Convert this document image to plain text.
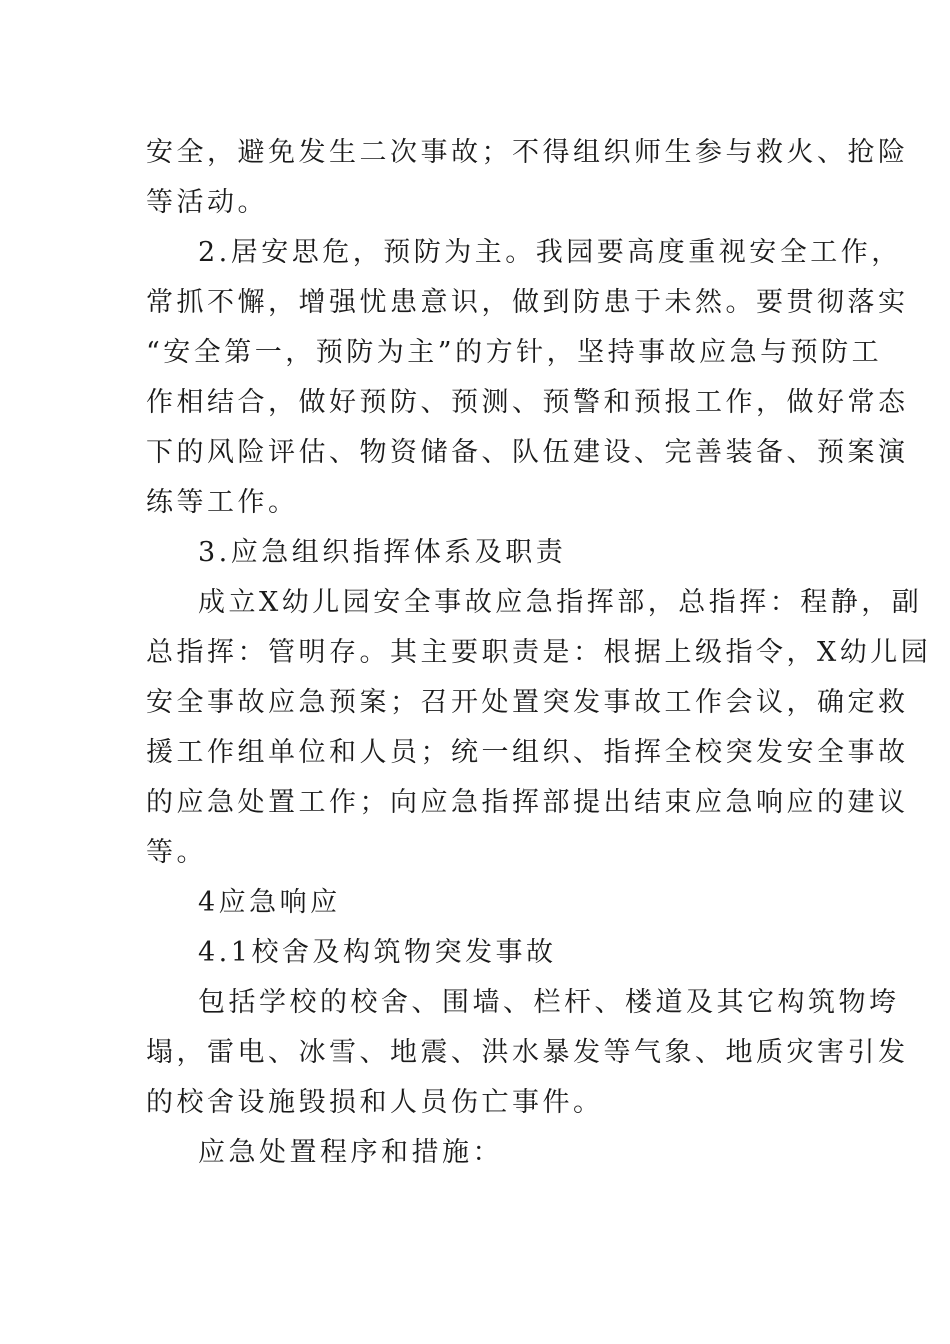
安全，避免发生二次事故；不得组织师生参与救火、抢险
等活动。
2.居安思危，预防为主。我园要高度重视安全工作，
常抓不懈，增强忧患意识，做到防患于未然。要贯彻落实
“安全第一，预防为主”的方针，坚持事故应急与预防工
作相结合，做好预防、预测、预警和预报工作，做好常态
下的风险评估、物资储备、队伍建设、完善装备、预案演
练等工作。
3.应急组织指挥体系及职责
成立X幼儿园安全事故应急指挥部，总指挥：程静，副
总指挥：管明存。其主要职责是：根据上级指令，X幼儿园
安全事故应急预案；召开处置突发事故工作会议，确定救
援工作组单位和人员；统一组织、指挥全校突发安全事故
的应急处置工作；向应急指挥部提出结束应急响应的建议
等。
4应急响应
4.1校舍及构筑物突发事故
包括学校的校舍、围墙、栏杆、楼道及其它构筑物垮
塌，雷电、冰雪、地震、洪水暴发等气象、地质灾害引发
的校舍设施毁损和人员伤亡事件。
应急处置程序和措施：
